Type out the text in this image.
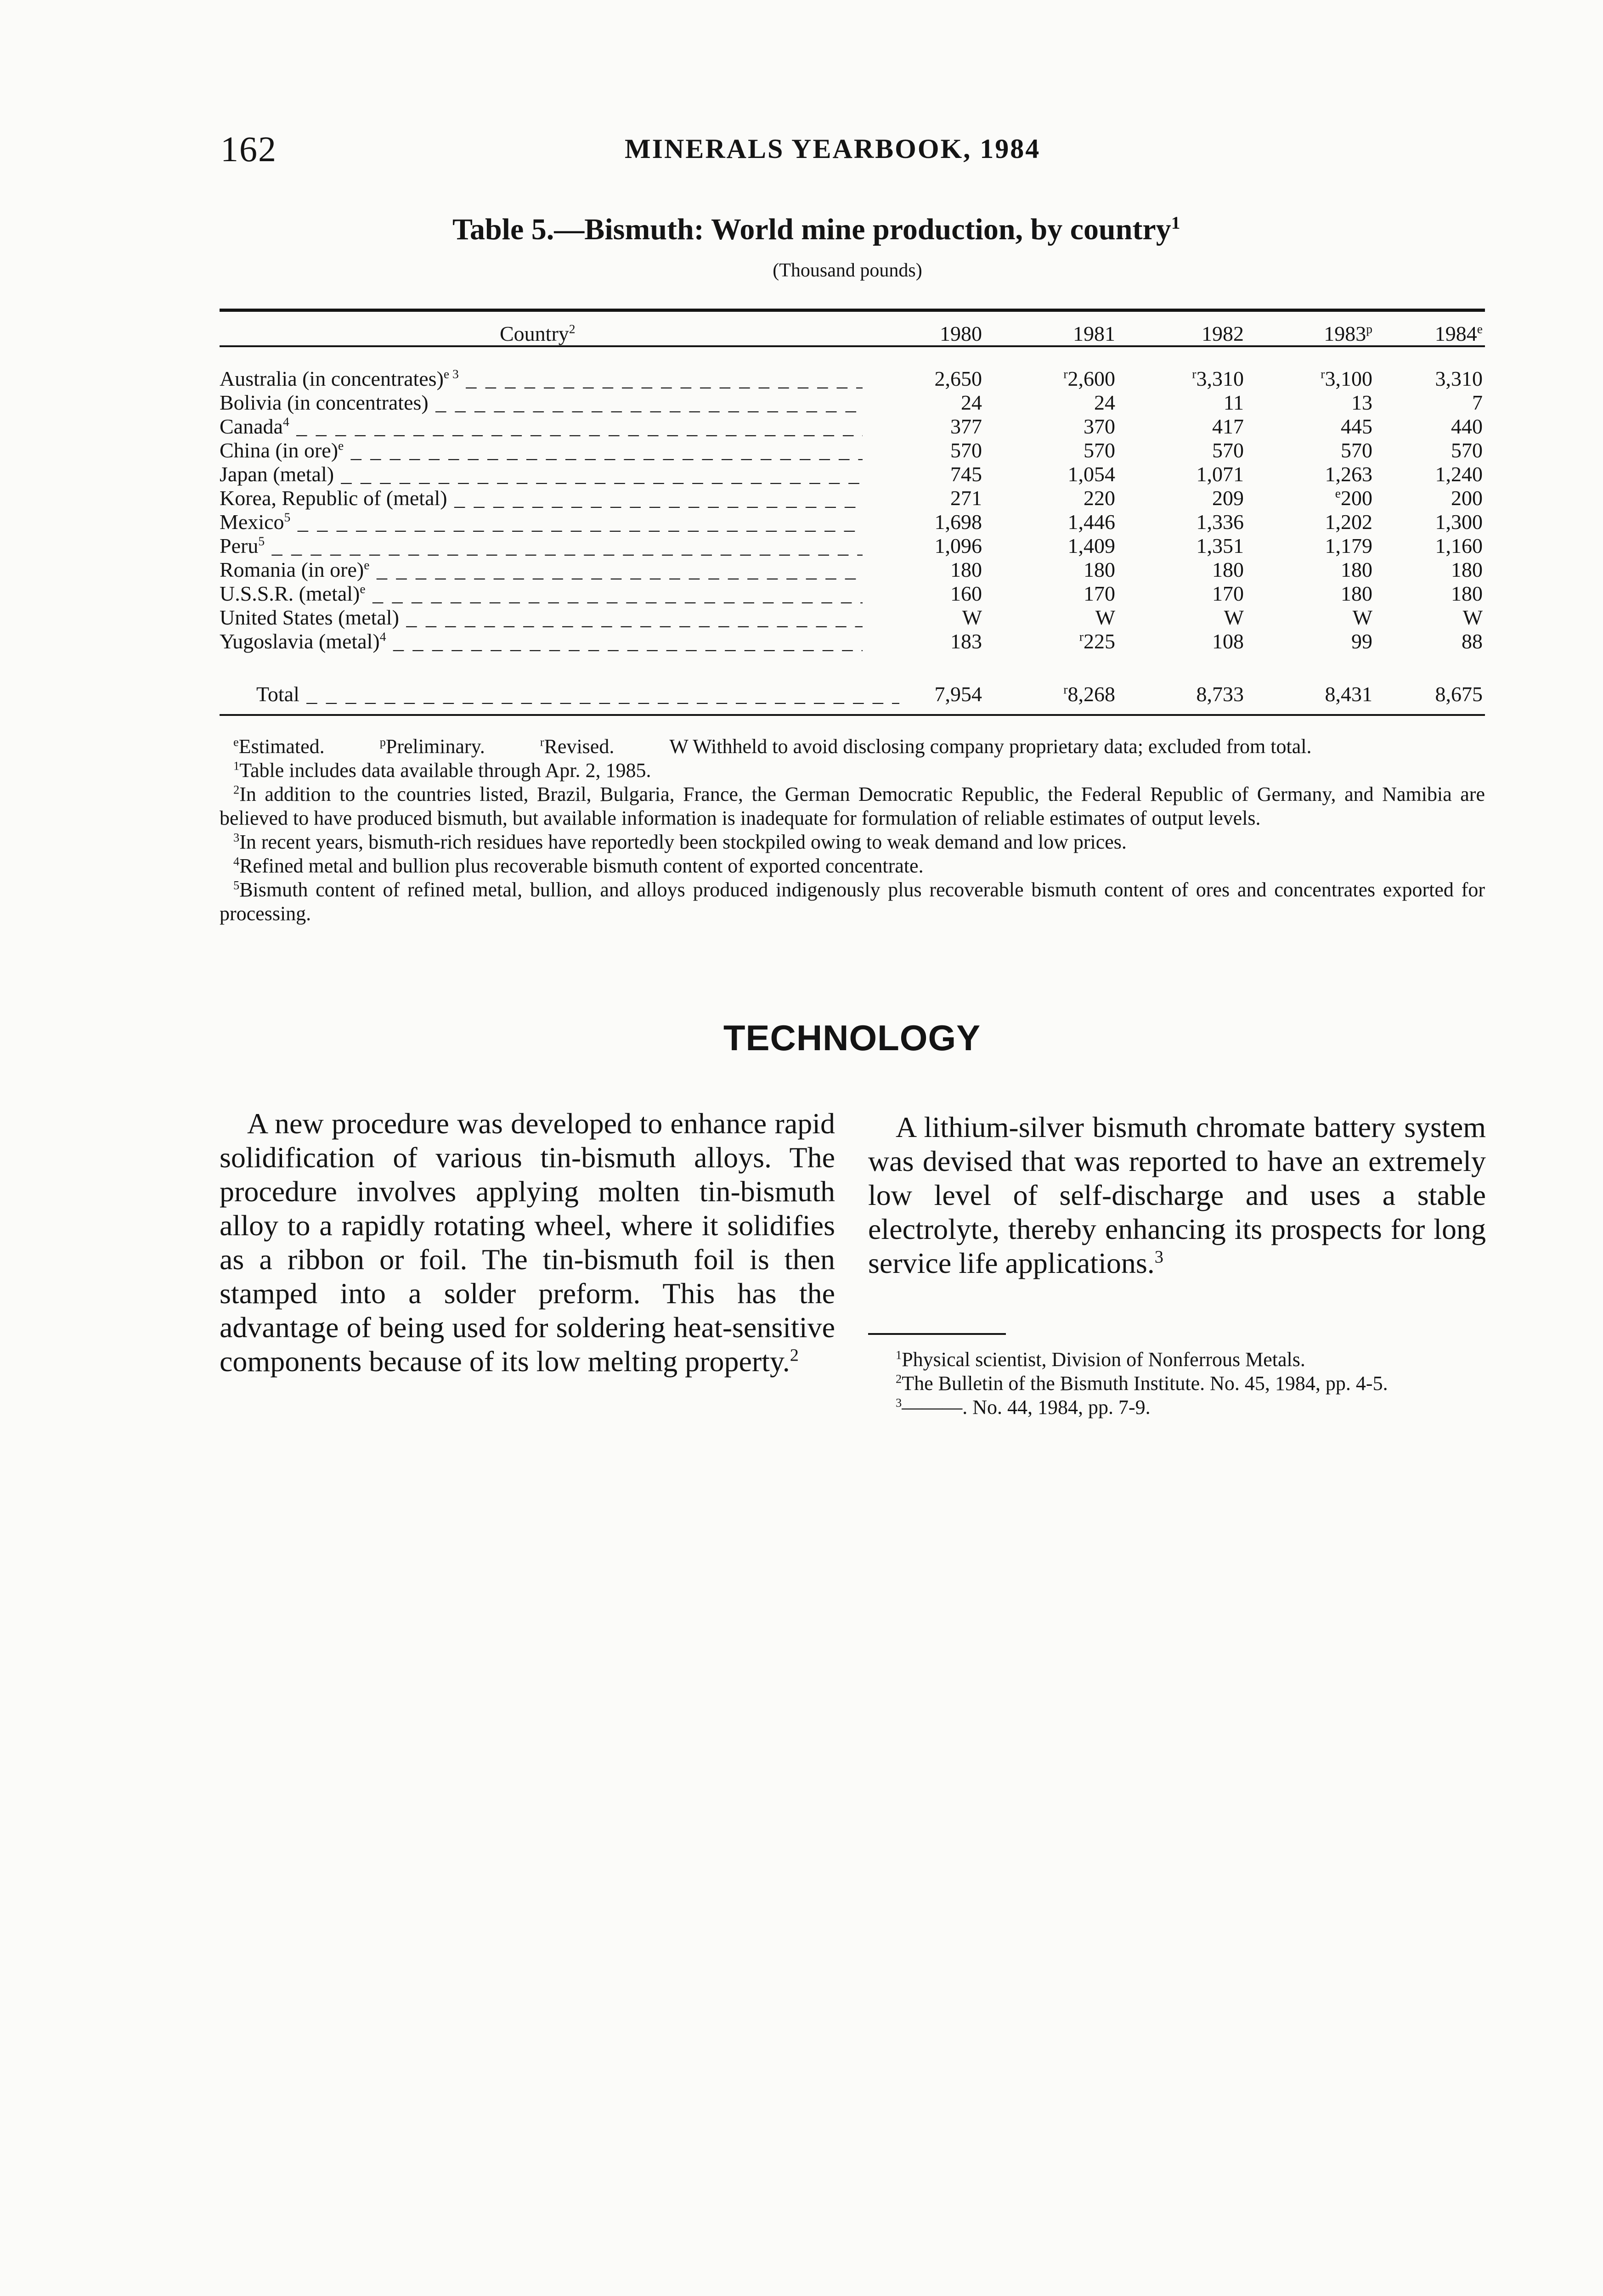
162	MINERALS YEARBOOK, 1984
Table 5.—Bismuth: World mine production, by country$^1$
(Thousand pounds)
Country$^2$	1980	1981	1982	1983$^p$	1984e
Australia (in concentrates)$^{e 3}$ _ _ _	2,650	$^r$2,600	$^r$3,310	$^r$3,100	3,310
Bolivia (in concentrates) _ _ _	24	24	11	13	7
Canada$^4$ _ _ _	377	370	417	445	440
China (in ore)$^e$ _ _ _	570	570	570	570	570
Japan (metal) _ _ _	745	1,054	1,071	1,263	1,240
Korea, Republic of (metal) _ _ _	271	220	209	$^e$200	200
Mexico$^5$ _ _ _	1,698	1,446	1,336	1,202	1,300
Peru$^5$ _ _ _	1,096	1,409	1,351	1,179	1,160
Romania (in ore)$^e$ _ _ _	180	180	180	180	180
U.S.S.R. (metal)$^e$ _ _ _	160	170	170	180	180
United States (metal) _ _ _	W	W	W	W	W
Yugoslavia (metal)$^4$ _ _ _	183	$^r$225	108	99	88
Total _ _ _	7,954	$^r$8,268	8,733	8,431	8,675

$^e$Estimated.	$^p$Preliminary.	$^r$Revised.	W Withheld to avoid disclosing company proprietary data; excluded from total.

$^1$Table includes data available through Apr. 2, 1985.

$^2$In addition to the countries listed, Brazil, Bulgaria, France, the German Democratic Republic, the Federal Republic of Germany, and Namibia are believed to have produced bismuth, but available information is inadequate for formulation of reliable estimates of output levels.

$^3$In recent years, bismuth-rich residues have reportedly been stockpiled owing to weak demand and low prices.

$^4$Refined metal and bullion plus recoverable bismuth content of exported concentrate.

$^5$Bismuth content of refined metal, bullion, and alloys produced indigenously plus recoverable bismuth content of ores and concentrates exported for processing.

TECHNOLOGY

A new procedure was developed to enhance rapid solidification of various tin-bismuth alloys. The procedure involves applying molten tin-bismuth alloy to a rapidly rotating wheel, where it solidifies as a ribbon or foil. The tin-bismuth foil is then stamped into a solder preform. This has the advantage of being used for soldering heat-sensitive components because of its low melting property.$^2$

A lithium-silver bismuth chromate battery system was devised that was reported to have an extremely low level of self-discharge and uses a stable electrolyte, thereby enhancing its prospects for long service life applications.$^3$

$^1$Physical scientist, Division of Nonferrous Metals.

$^2$The Bulletin of the Bismuth Institute. No. 45, 1984, pp. 4-5.

$^3$———. No. 44, 1984, pp. 7-9.
